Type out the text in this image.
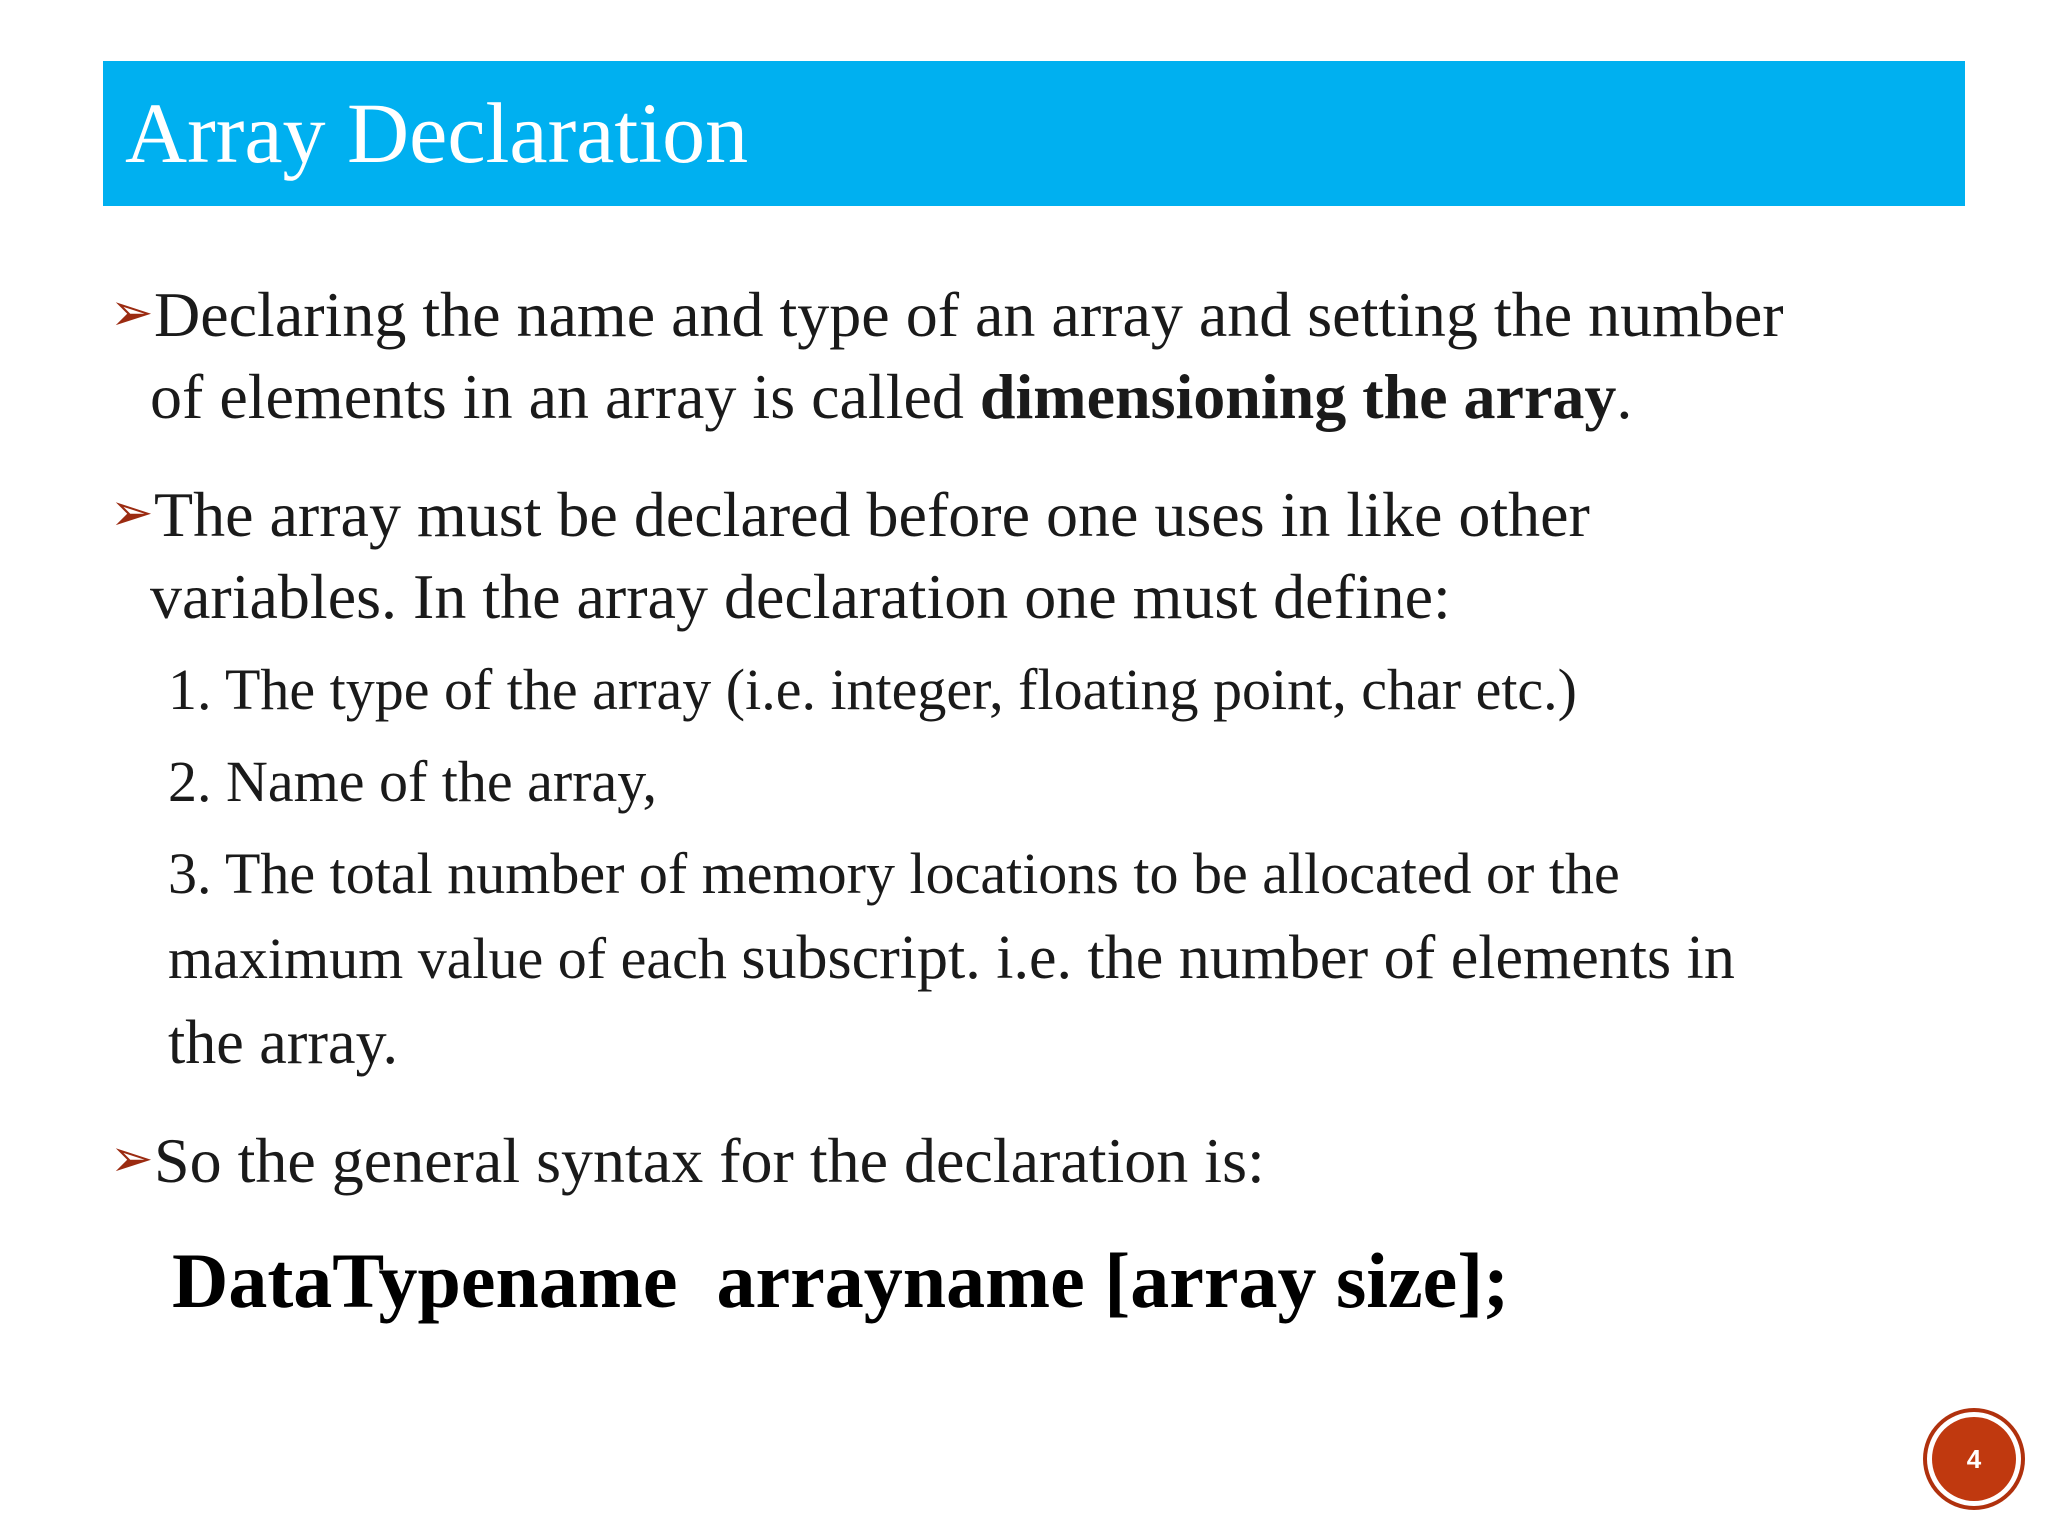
Array Declaration
➢Declaring the name and type of an array and setting the number
of elements in an array is called dimensioning the array.
➢The array must be declared before one uses in like other
variables. In the array declaration one must define:
1. The type of the array (i.e. integer, floating point, char etc.)
2. Name of the array,
3. The total number of memory locations to be allocated or the
maximum value of each subscript. i.e. the number of elements in
the array.
➢So the general syntax for the declaration is:
DataTypename  arrayname [array size];
4
